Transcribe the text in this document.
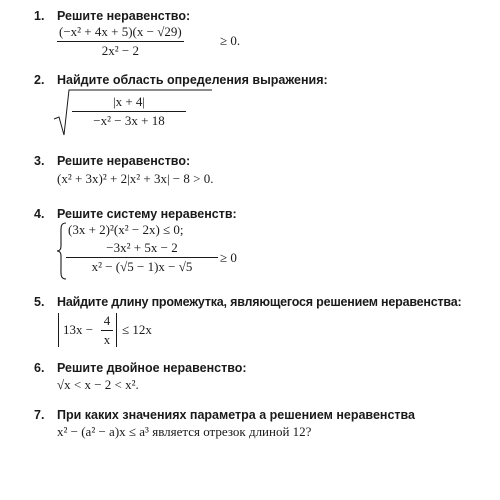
1. Решите неравенство:
$\frac{\text{(−x² + 4x + 5)(x − √29)}}{\text{2x² − 2}}$	≥ 0.
2. Найдите область определения выражения:
$\frac{|x + 4|}{\text{−x² − 3x + 18}}$
3. Решите неравенство:
(x² + 3x)² + 2|x² + 3x| − 8 > 0.
4. Решите систему неравенств:
(3x + 2)²(x² − 2x) ≤ 0;
$\frac{\text{−3x² + 5x − 2}}{\text{x² − (√5 − 1)x − √5}} \ge 0$
5. Найдите длину промежутка, являющегося решением неравенства:
$13x - \frac{4}{x} \le 12x$
6. Решите двойное неравенство:
√x < x − 2 < x².
7. При каких значениях параметра a решением неравенства
x² − (a² − a)x ≤ a³ является отрезок длиной 12?
